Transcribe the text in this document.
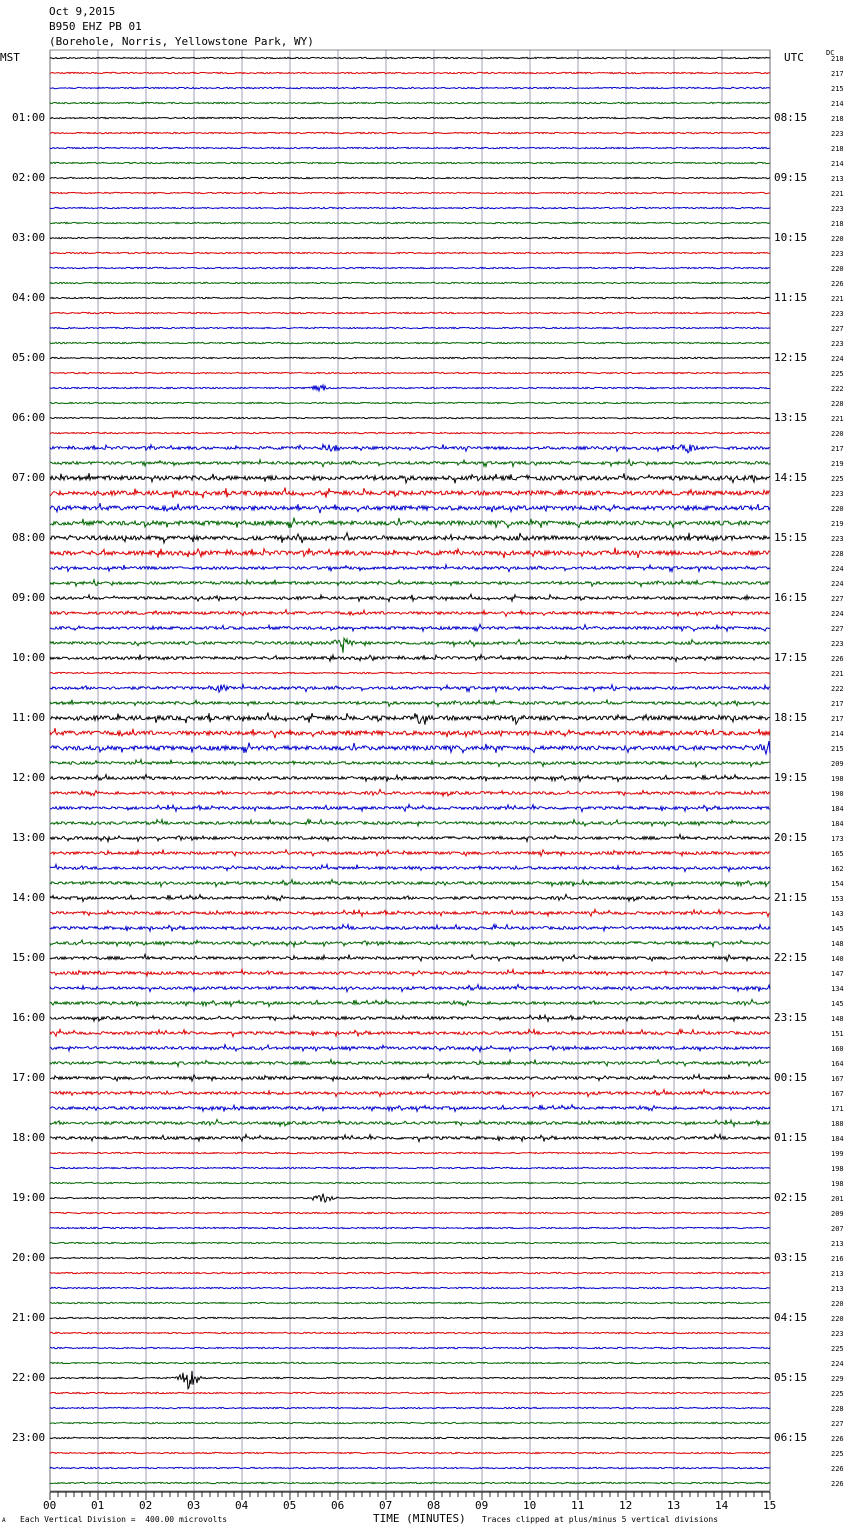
Oct 9,2015
B950 EHZ PB 01
(Borehole, Norris, Yellowstone Park, WY)
MST	UTC	DC
01:00
02:00
03:00
04:00
05:00
06:00
07:00
08:00
09:00
10:00
11:00
12:00
13:00
14:00
15:00
16:00
17:00
18:00
19:00
20:00
21:00
22:00
23:00
08:15
09:15
10:15
11:15
12:15
13:15
14:15
15:15
16:15
17:15
18:15
19:15
20:15
21:15
22:15
23:15
00:15
01:15
02:15
03:15
04:15
05:15
06:15
218
217
215
214
218
223
218
214
213
221
223
218
220
223
220
226
221
223
227
223
224
225
222
228
221
220
217
219
225
223
220
219
223
228
224
224
227
224
227
223
226
221
222
217
217
214
215
209
198
190
184
184
173
165
162
154
153
143
145
148
140
147
134
145
148
151
160
164
167
167
171
188
184
199
198
198
201
209
207
213
216
213
213
220
220
223
225
224
229
225
228
227
226
225
226
226
00	01	02	03	04	05	06	07	08	09	10	11	12	13	14	15
A Each Vertical Division =  400.00 microvolts	TIME (MINUTES) Traces clipped at plus/minus 5 vertical divisions
